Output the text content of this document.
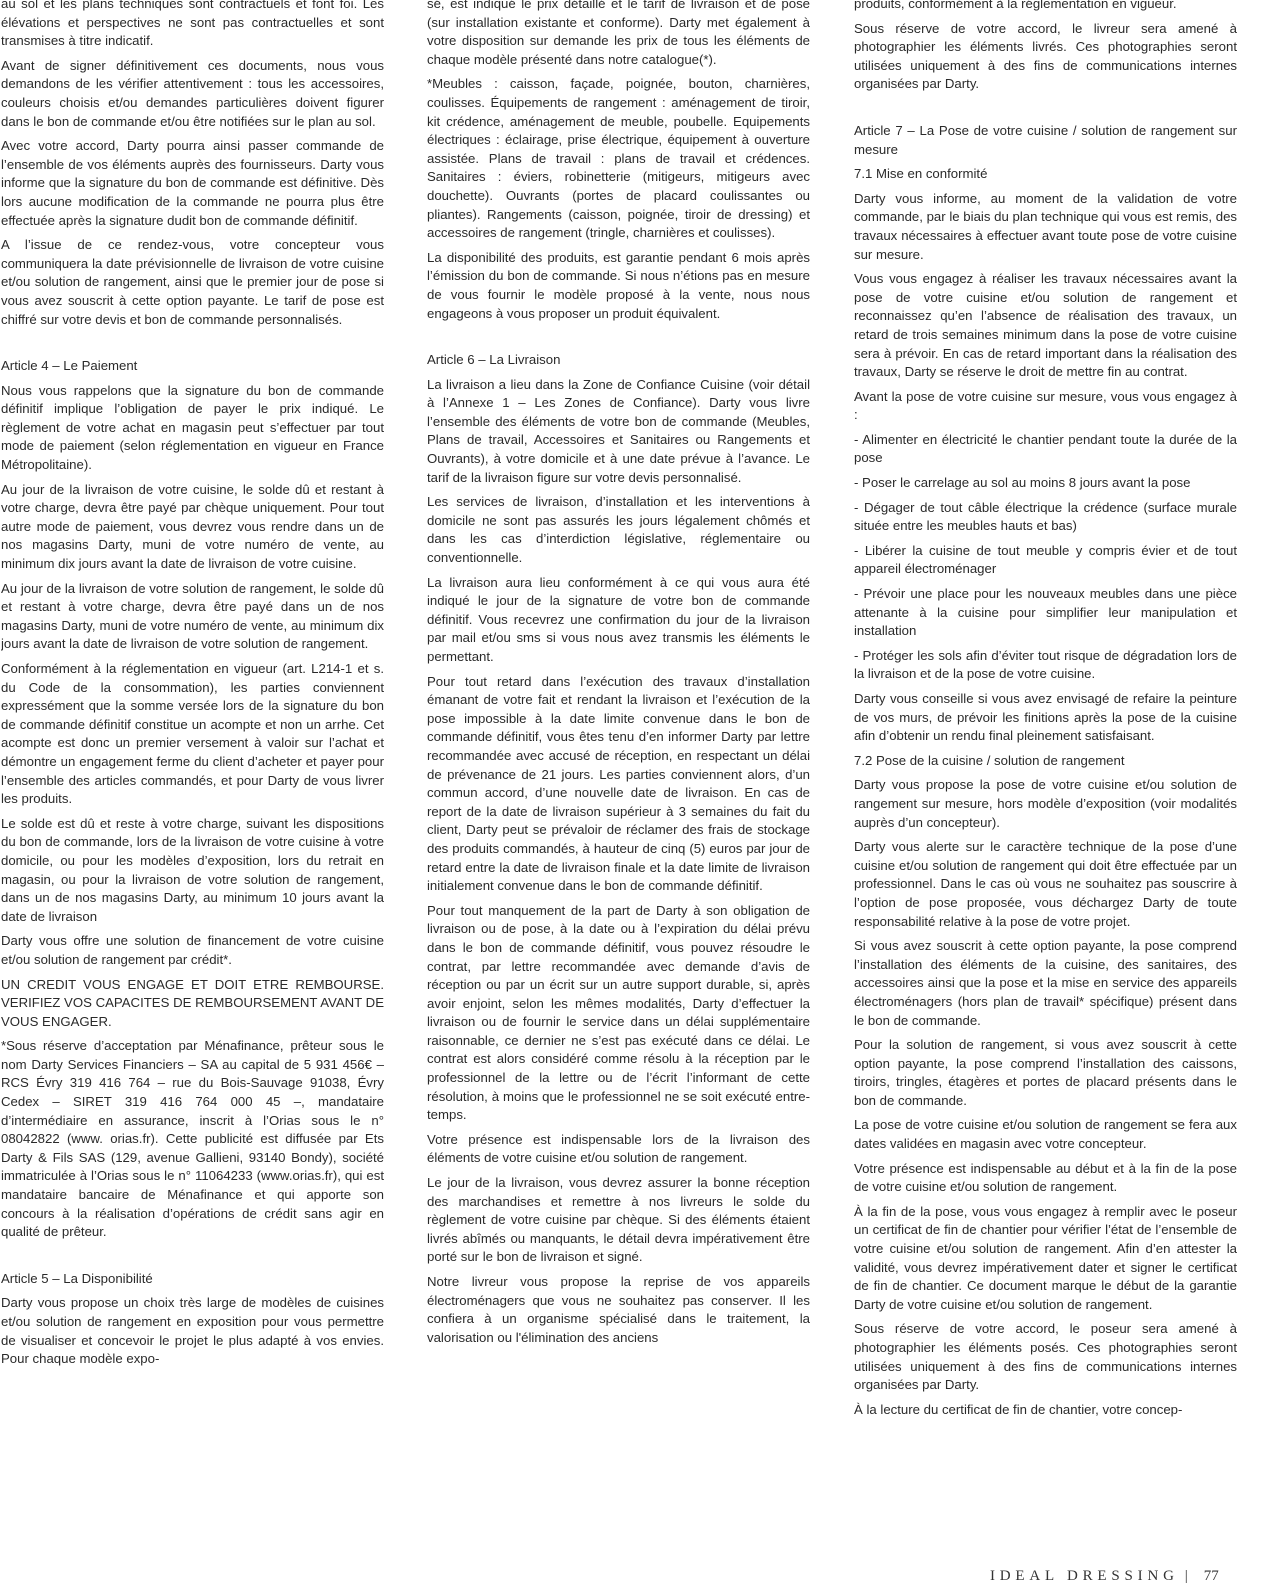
au sol et les plans techniques sont contractuels et font foi. Les élévations et perspectives ne sont pas contractuelles et sont transmises à titre indicatif.

Avant de signer définitivement ces documents, nous vous demandons de les vérifier attentivement : tous les accessoires, couleurs choisis et/ou demandes particulières doivent figurer dans le bon de commande et/ou être notifiées sur le plan au sol.

Avec votre accord, Darty pourra ainsi passer commande de l’ensemble de vos éléments auprès des fournisseurs. Darty vous informe que la signature du bon de commande est définitive. Dès lors aucune modification de la commande ne pourra plus être effectuée après la signature dudit bon de commande définitif.

A l’issue de ce rendez-vous, votre concepteur vous communiquera la date prévisionnelle de livraison de votre cuisine et/ou solution de rangement, ainsi que le premier jour de pose si vous avez souscrit à cette option payante. Le tarif de pose est chiffré sur votre devis et bon de commande personnalisés.

Article 4 – Le Paiement

Nous vous rappelons que la signature du bon de commande définitif implique l’obligation de payer le prix indiqué. Le règlement de votre achat en magasin peut s’effectuer par tout mode de paiement (selon réglementation en vigueur en France Métropolitaine).

Au jour de la livraison de votre cuisine, le solde dû et restant à votre charge, devra être payé par chèque uniquement. Pour tout autre mode de paiement, vous devrez vous rendre dans un de nos magasins Darty, muni de votre numéro de vente, au minimum dix jours avant la date de livraison de votre cuisine.

Au jour de la livraison de votre solution de rangement, le solde dû et restant à votre charge, devra être payé dans un de nos magasins Darty, muni de votre numéro de vente, au minimum dix jours avant la date de livraison de votre solution de rangement.

Conformément à la réglementation en vigueur (art. L214-1 et s. du Code de la consommation), les parties conviennent expressément que la somme versée lors de la signature du bon de commande définitif constitue un acompte et non un arrhe. Cet acompte est donc un premier versement à valoir sur l’achat et démontre un engagement ferme du client d’acheter et payer pour l’ensemble des articles commandés, et pour Darty de vous livrer les produits.

Le solde est dû et reste à votre charge, suivant les dispositions du bon de commande, lors de la livraison de votre cuisine à votre domicile, ou pour les modèles d’exposition, lors du retrait en magasin, ou pour la livraison de votre solution de rangement, dans un de nos magasins Darty, au minimum 10 jours avant la date de livraison

Darty vous offre une solution de financement de votre cuisine et/ou solution de rangement par crédit*.

UN CREDIT VOUS ENGAGE ET DOIT ETRE REMBOURSE. VERIFIEZ VOS CAPACITES DE REMBOURSEMENT AVANT DE VOUS ENGAGER.

*Sous réserve d’acceptation par Ménafinance, prêteur sous le nom Darty Services Financiers – SA au capital de 5 931 456€ – RCS Évry 319 416 764 – rue du Bois-Sauvage 91038, Évry Cedex – SIRET 319 416 764 000 45 –, mandataire d’intermédiaire en assurance, inscrit à l’Orias sous le n° 08042822 (www. orias.fr). Cette publicité est diffusée par Ets Darty & Fils SAS (129, avenue Gallieni, 93140 Bondy), société immatriculée à l’Orias sous le n° 11064233 (www.orias.fr), qui est mandataire bancaire de Ménafinance et qui apporte son concours à la réalisation d’opérations de crédit sans agir en qualité de prêteur.

Article 5 – La Disponibilité

Darty vous propose un choix très large de modèles de cuisines et/ou solution de rangement en exposition pour vous permettre de visualiser et concevoir le projet le plus adapté à vos envies. Pour chaque modèle expo-

sé, est indiqué le prix détaillé et le tarif de livraison et de pose (sur installation existante et conforme). Darty met également à votre disposition sur demande les prix de tous les éléments de chaque modèle présenté dans notre catalogue(*).

*Meubles : caisson, façade, poignée, bouton, charnières, coulisses. Équipements de rangement : aménagement de tiroir, kit crédence, aménagement de meuble, poubelle. Equipements électriques : éclairage, prise électrique, équipement à ouverture assistée. Plans de travail : plans de travail et crédences. Sanitaires : éviers, robinetterie (mitigeurs, mitigeurs avec douchette). Ouvrants (portes de placard coulissantes ou pliantes). Rangements (caisson, poignée, tiroir de dressing) et accessoires de rangement (tringle, charnières et coulisses).

La disponibilité des produits, est garantie pendant 6 mois après l’émission du bon de commande. Si nous n’étions pas en mesure de vous fournir le modèle proposé à la vente, nous nous engageons à vous proposer un produit équivalent.

Article 6 – La Livraison

La livraison a lieu dans la Zone de Confiance Cuisine (voir détail à l’Annexe 1 – Les Zones de Confiance). Darty vous livre l’ensemble des éléments de votre bon de commande (Meubles, Plans de travail, Accessoires et Sanitaires ou Rangements et Ouvrants), à votre domicile et à une date prévue à l’avance. Le tarif de la livraison figure sur votre devis personnalisé.

Les services de livraison, d’installation et les interventions à domicile ne sont pas assurés les jours légalement chômés et dans les cas d’interdiction législative, réglementaire ou conventionnelle.

La livraison aura lieu conformément à ce qui vous aura été indiqué le jour de la signature de votre bon de commande définitif. Vous recevrez une confirmation du jour de la livraison par mail et/ou sms si vous nous avez transmis les éléments le permettant.

Pour tout retard dans l’exécution des travaux d’installation émanant de votre fait et rendant la livraison et l’exécution de la pose impossible à la date limite convenue dans le bon de commande définitif, vous êtes tenu d’en informer Darty par lettre recommandée avec accusé de réception, en respectant un délai de prévenance de 21 jours. Les parties conviennent alors, d’un commun accord, d’une nouvelle date de livraison. En cas de report de la date de livraison supérieur à 3 semaines du fait du client, Darty peut se prévaloir de réclamer des frais de stockage des produits commandés, à hauteur de cinq (5) euros par jour de retard entre la date de livraison finale et la date limite de livraison initialement convenue dans le bon de commande définitif.

Pour tout manquement de la part de Darty à son obligation de livraison ou de pose, à la date ou à l’expiration du délai prévu dans le bon de commande définitif, vous pouvez résoudre le contrat, par lettre recommandée avec demande d’avis de réception ou par un écrit sur un autre support durable, si, après avoir enjoint, selon les mêmes modalités, Darty d’effectuer la livraison ou de fournir le service dans un délai supplémentaire raisonnable, ce dernier ne s’est pas exécuté dans ce délai. Le contrat est alors considéré comme résolu à la réception par le professionnel de la lettre ou de l’écrit l’informant de cette résolution, à moins que le professionnel ne se soit exécuté entre-temps.

Votre présence est indispensable lors de la livraison des éléments de votre cuisine et/ou solution de rangement.

Le jour de la livraison, vous devrez assurer la bonne réception des marchandises et remettre à nos livreurs le solde du règlement de votre cuisine par chèque. Si des éléments étaient livrés abîmés ou manquants, le détail devra impérativement être porté sur le bon de livraison et signé.

Notre livreur vous propose la reprise de vos appareils électroménagers que vous ne souhaitez pas conserver. Il les confiera à un organisme spécialisé dans le traitement, la valorisation ou l'élimination des anciens

produits, conformément à la réglementation en vigueur.

Sous réserve de votre accord, le livreur sera amené à photographier les éléments livrés. Ces photographies seront utilisées uniquement à des fins de communications internes organisées par Darty.

Article 7 – La Pose de votre cuisine / solution de rangement sur mesure
7.1 Mise en conformité

Darty vous informe, au moment de la validation de votre commande, par le biais du plan technique qui vous est remis, des travaux nécessaires à effectuer avant toute pose de votre cuisine sur mesure.

Vous vous engagez à réaliser les travaux nécessaires avant la pose de votre cuisine et/ou solution de rangement et reconnaissez qu’en l’absence de réalisation des travaux, un retard de trois semaines minimum dans la pose de votre cuisine sera à prévoir. En cas de retard important dans la réalisation des travaux, Darty se réserve le droit de mettre fin au contrat.

Avant la pose de votre cuisine sur mesure, vous vous engagez à :

- Alimenter en électricité le chantier pendant toute la durée de la pose

- Poser le carrelage au sol au moins 8 jours avant la pose

- Dégager de tout câble électrique la crédence (surface murale située entre les meubles hauts et bas)

- Libérer la cuisine de tout meuble y compris évier et de tout appareil électroménager

- Prévoir une place pour les nouveaux meubles dans une pièce attenante à la cuisine pour simplifier leur manipulation et installation

- Protéger les sols afin d’éviter tout risque de dégradation lors de la livraison et de la pose de votre cuisine.

Darty vous conseille si vous avez envisagé de refaire la peinture de vos murs, de prévoir les finitions après la pose de la cuisine afin d’obtenir un rendu final pleinement satisfaisant.

7.2 Pose de la cuisine / solution de rangement

Darty vous propose la pose de votre cuisine et/ou solution de rangement sur mesure, hors modèle d’exposition (voir modalités auprès d’un concepteur).

Darty vous alerte sur le caractère technique de la pose d’une cuisine et/ou solution de rangement qui doit être effectuée par un professionnel. Dans le cas où vous ne souhaitez pas souscrire à l’option de pose proposée, vous déchargez Darty de toute responsabilité relative à la pose de votre projet.

Si vous avez souscrit à cette option payante, la pose comprend l’installation des éléments de la cuisine, des sanitaires, des accessoires ainsi que la pose et la mise en service des appareils électroménagers (hors plan de travail* spécifique) présent dans le bon de commande.

Pour la solution de rangement, si vous avez souscrit à cette option payante, la pose comprend l’installation des caissons, tiroirs, tringles, étagères et portes de placard présents dans le bon de commande.

La pose de votre cuisine et/ou solution de rangement se fera aux dates validées en magasin avec votre concepteur.

Votre présence est indispensable au début et à la fin de la pose de votre cuisine et/ou solution de rangement.

À la fin de la pose, vous vous engagez à remplir avec le poseur un certificat de fin de chantier pour vérifier l’état de l’ensemble de votre cuisine et/ou solution de rangement. Afin d’en attester la validité, vous devrez impérativement dater et signer le certificat de fin de chantier. Ce document marque le début de la garantie Darty de votre cuisine et/ou solution de rangement.

Sous réserve de votre accord, le poseur sera amené à photographier les éléments posés. Ces photographies seront utilisées uniquement à des fins de communications internes organisées par Darty.

À la lecture du certificat de fin de chantier, votre concep-

IDEAL DRESSING | 77
